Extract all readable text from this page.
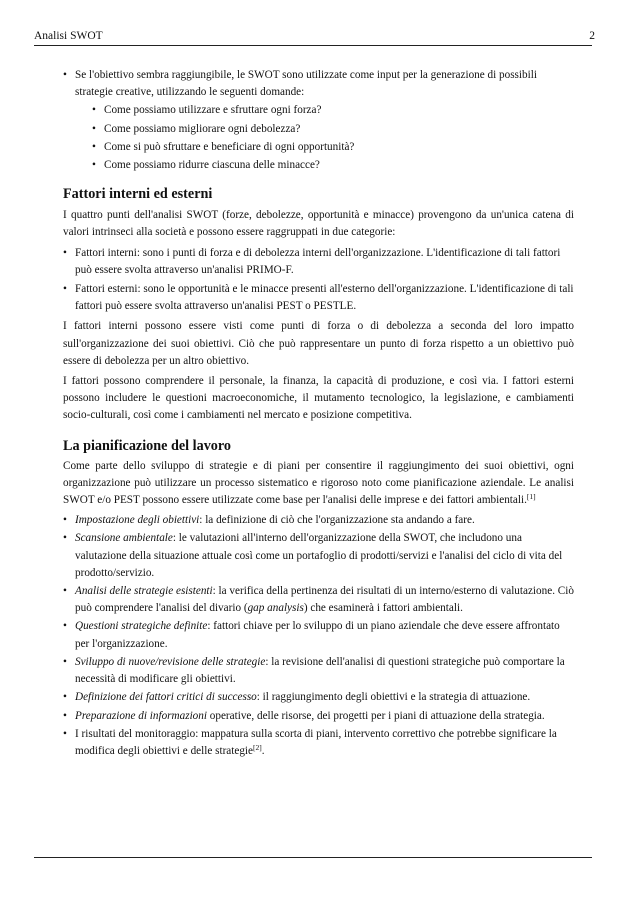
Analisi SWOT	2
• Se l'obiettivo sembra raggiungibile, le SWOT sono utilizzate come input per la generazione di possibili strategie creative, utilizzando le seguenti domande:
• Come possiamo utilizzare e sfruttare ogni forza?
• Come possiamo migliorare ogni debolezza?
• Come si può sfruttare e beneficiare di ogni opportunità?
• Come possiamo ridurre ciascuna delle minacce?
Fattori interni ed esterni

I quattro punti dell'analisi SWOT (forze, debolezze, opportunità e minacce) provengono da un'unica catena di valori intrinseci alla società e possono essere raggruppati in due categorie:

• Fattori interni: sono i punti di forza e di debolezza interni dell'organizzazione. L'identificazione di tali fattori può essere svolta attraverso un'analisi PRIMO-F.
• Fattori esterni: sono le opportunità e le minacce presenti all'esterno dell'organizzazione. L'identificazione di tali fattori può essere svolta attraverso un'analisi PEST o PESTLE.

I fattori interni possono essere visti come punti di forza o di debolezza a seconda del loro impatto sull'organizzazione dei suoi obiettivi. Ciò che può rappresentare un punto di forza rispetto a un obiettivo può essere di debolezza per un altro obiettivo.

I fattori possono comprendere il personale, la finanza, la capacità di produzione, e così via. I fattori esterni possono includere le questioni macroeconomiche, il mutamento tecnologico, la legislazione, e cambiamenti socio-culturali, così come i cambiamenti nel mercato e posizione competitiva.

La pianificazione del lavoro

Come parte dello sviluppo di strategie e di piani per consentire il raggiungimento dei suoi obiettivi, ogni organizzazione può utilizzare un processo sistematico e rigoroso noto come pianificazione aziendale. Le analisi SWOT e/o PEST possono essere utilizzate come base per l'analisi delle imprese e dei fattori ambientali.[1]

• Impostazione degli obiettivi: la definizione di ciò che l'organizzazione sta andando a fare.
• Scansione ambientale: le valutazioni all'interno dell'organizzazione della SWOT, che includono una valutazione della situazione attuale così come un portafoglio di prodotti/servizi e l'analisi del ciclo di vita del prodotto/servizio.
• Analisi delle strategie esistenti: la verifica della pertinenza dei risultati di un interno/esterno di valutazione. Ciò può comprendere l'analisi del divario (gap analysis) che esaminerà i fattori ambientali.
• Questioni strategiche definite: fattori chiave per lo sviluppo di un piano aziendale che deve essere affrontato per l'organizzazione.
• Sviluppo di nuove/revisione delle strategie: la revisione dell'analisi di questioni strategiche può comportare la necessità di modificare gli obiettivi.
• Definizione dei fattori critici di successo: il raggiungimento degli obiettivi e la strategia di attuazione.
• Preparazione di informazioni operative, delle risorse, dei progetti per i piani di attuazione della strategia.
• I risultati del monitoraggio: mappatura sulla scorta di piani, intervento correttivo che potrebbe significare la modifica degli obiettivi e delle strategie[2].
